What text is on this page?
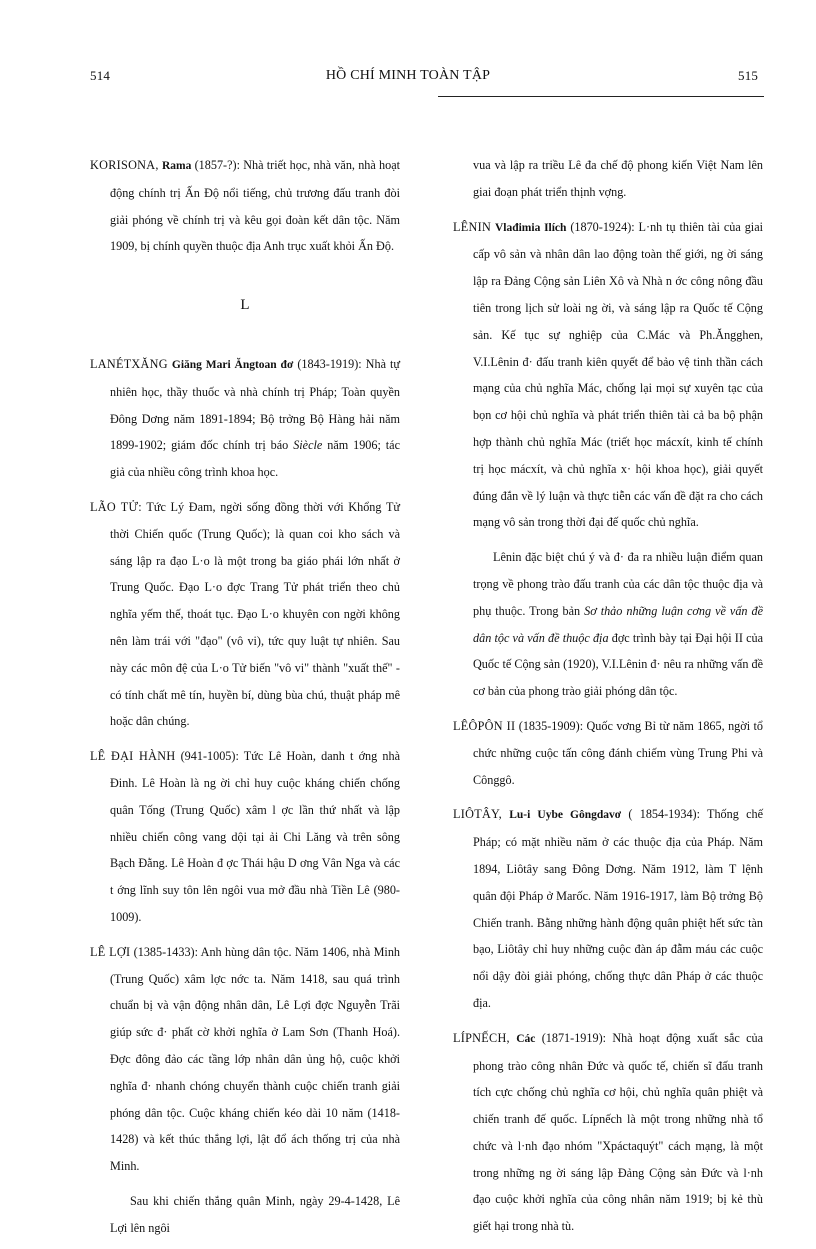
514	HỒ CHÍ MINH TOÀN TẬP	515

KORISONA, Rama (1857-?): Nhà triết học, nhà văn, nhà hoạt động chính trị Ấn Độ nổi tiếng, chủ trương đấu tranh đòi giải phóng về chính trị và kêu gọi đoàn kết dân tộc. Năm 1909, bị chính quyền thuộc địa Anh trục xuất khỏi Ấn Độ.

L

LANÉTXĂNG Giăng Mari Ăngtoan đơ (1843-1919): Nhà tự nhiên học, thầy thuốc và nhà chính trị Pháp; Toàn quyền Đông Dơng năm 1891-1894; Bộ trởng Bộ Hàng hải năm 1899-1902; giám đốc chính trị báo Siècle năm 1906; tác giả của nhiều công trình khoa học.

LÃO TỬ: Tức Lý Đam, ngời sống đồng thời với Khổng Tử thời Chiến quốc (Trung Quốc); là quan coi kho sách và sáng lập ra đạo L·o là một trong ba giáo phái lớn nhất ở Trung Quốc. Đạo L·o đợc Trang Tử phát triển theo chủ nghĩa yếm thế, thoát tục. Đạo L·o khuyên con ngời không nên làm trái với "đạo" (vô vi), tức quy luật tự nhiên. Sau này các môn đệ của L·o Tử biến "vô vi" thành "xuất thế" - có tính chất mê tín, huyền bí, dùng bùa chú, thuật pháp mê hoặc dân chúng.

LÊ ĐẠI HÀNH (941-1005): Tức Lê Hoàn, danh t ớng nhà Đinh. Lê Hoàn là ng ời chỉ huy cuộc kháng chiến chống quân Tống (Trung Quốc) xâm l ợc lần thứ nhất và lập nhiều chiến công vang dội tại ải Chi Lăng và trên sông Bạch Đằng. Lê Hoàn đ ợc Thái hậu D ơng Vân Nga và các t ớng lĩnh suy tôn lên ngôi vua mở đầu nhà Tiền Lê (980-1009).

LÊ LỢI (1385-1433): Anh hùng dân tộc. Năm 1406, nhà Minh (Trung Quốc) xâm lợc nớc ta. Năm 1418, sau quá trình chuẩn bị và vận động nhân dân, Lê Lợi đợc Nguyễn Trãi giúp sức đ· phất cờ khởi nghĩa ở Lam Sơn (Thanh Hoá). Đợc đông đảo các tầng lớp nhân dân ủng hộ, cuộc khởi nghĩa đ· nhanh chóng chuyển thành cuộc chiến tranh giải phóng dân tộc. Cuộc kháng chiến kéo dài 10 năm (1418-1428) và kết thúc thắng lợi, lật đổ ách thống trị của nhà Minh.

Sau khi chiến thắng quân Minh, ngày 29-4-1428, Lê Lợi lên ngôi

vua và lập ra triều Lê đa chế độ phong kiến Việt Nam lên giai đoạn phát triển thịnh vợng.

LÊNIN Vlađimia Ilích (1870-1924): L·nh tụ thiên tài của giai cấp vô sản và nhân dân lao động toàn thế giới, ng ời sáng lập ra Đảng Cộng sản Liên Xô và Nhà n ớc công nông đầu tiên trong lịch sử loài ng ời, và sáng lập ra Quốc tế Cộng sản. Kế tục sự nghiệp của C.Mác và Ph.Ăngghen, V.I.Lênin đ· đấu tranh kiên quyết để bảo vệ tinh thần cách mạng của chủ nghĩa Mác, chống lại mọi sự xuyên tạc của bọn cơ hội chủ nghĩa và phát triển thiên tài cả ba bộ phận hợp thành chủ nghĩa Mác (triết học mácxít, kinh tế chính trị học mácxít, và chủ nghĩa x· hội khoa học), giải quyết đúng đắn về lý luận và thực tiễn các vấn đề đặt ra cho cách mạng vô sản trong thời đại đế quốc chủ nghĩa.

Lênin đặc biệt chú ý và đ· đa ra nhiều luận điểm quan trọng về phong trào đấu tranh của các dân tộc thuộc địa và phụ thuộc. Trong bản Sơ thảo những luận cơng về vấn đề dân tộc và vấn đề thuộc địa đợc trình bày tại Đại hội II của Quốc tế Cộng sản (1920), V.I.Lênin đ· nêu ra những vấn đề cơ bản của phong trào giải phóng dân tộc.

LÊÔPÔN II (1835-1909): Quốc vơng Bỉ từ năm 1865, ngời tổ chức những cuộc tấn công đánh chiếm vùng Trung Phi và Cônggô.

LIÔTÂY, Lu-i Uybe Gôngdavơ ( 1854-1934): Thống chế Pháp; có mặt nhiều năm ở các thuộc địa của Pháp. Năm 1894, Liôtây sang Đông Dơng. Năm 1912, làm T lệnh quân đội Pháp ở Marốc. Năm 1916-1917, làm Bộ trởng Bộ Chiến tranh. Bằng những hành động quân phiệt hết sức tàn bạo, Liôtây chỉ huy những cuộc đàn áp đẫm máu các cuộc nổi dậy đòi giải phóng, chống thực dân Pháp ở các thuộc địa.

LÍPNẾCH, Các (1871-1919): Nhà hoạt động xuất sắc của phong trào công nhân Đức và quốc tế, chiến sĩ đấu tranh tích cực chống chủ nghĩa cơ hội, chủ nghĩa quân phiệt và chiến tranh đế quốc. Lípnếch là một trong những nhà tổ chức và l·nh đạo nhóm "Xpáctaquýt" cách mạng, là một trong những ng ời sáng lập Đảng Cộng sản Đức và l·nh đạo cuộc khởi nghĩa của công nhân năm 1919; bị kẻ thù giết hại trong nhà tù.
